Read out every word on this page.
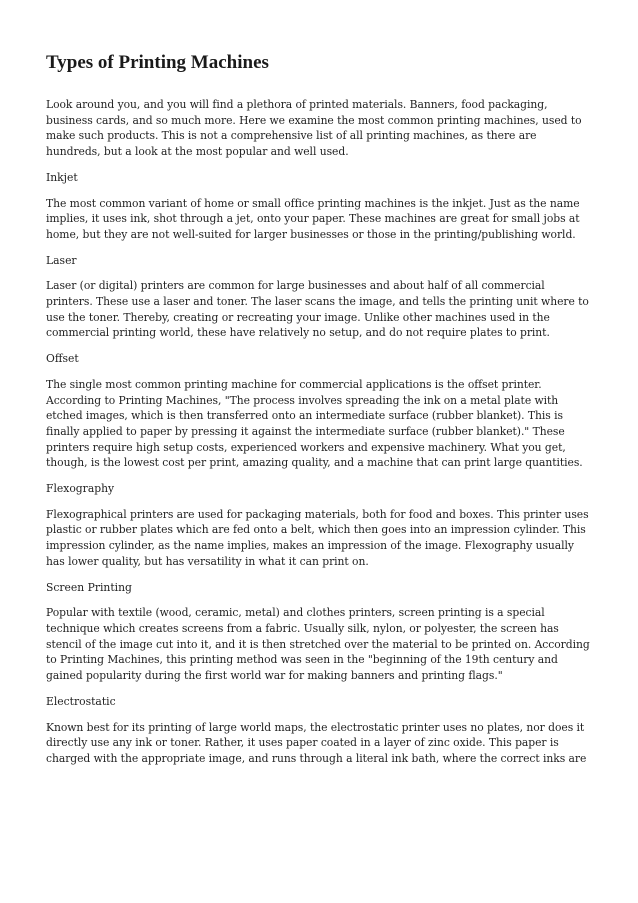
Types of Printing Machines

Look around you, and you will find a plethora of printed materials. Banners, food packaging, business cards, and so much more. Here we examine the most common printing machines, used to make such products. This is not a comprehensive list of all printing machines, as there are hundreds, but a look at the most popular and well used.

Inkjet

The most common variant of home or small office printing machines is the inkjet. Just as the name implies, it uses ink, shot through a jet, onto your paper. These machines are great for small jobs at home, but they are not well-suited for larger businesses or those in the printing/publishing world.

Laser

Laser (or digital) printers are common for large businesses and about half of all commercial printers. These use a laser and toner. The laser scans the image, and tells the printing unit where to use the toner. Thereby, creating or recreating your image. Unlike other machines used in the commercial printing world, these have relatively no setup, and do not require plates to print.

Offset

The single most common printing machine for commercial applications is the offset printer. According to Printing Machines, "The process involves spreading the ink on a metal plate with etched images, which is then transferred onto an intermediate surface (rubber blanket). This is finally applied to paper by pressing it against the intermediate surface (rubber blanket)." These printers require high setup costs, experienced workers and expensive machinery. What you get, though, is the lowest cost per print, amazing quality, and a machine that can print large quantities.

Flexography

Flexographical printers are used for packaging materials, both for food and boxes. This printer uses plastic or rubber plates which are fed onto a belt, which then goes into an impression cylinder. This impression cylinder, as the name implies, makes an impression of the image. Flexography usually has lower quality, but has versatility in what it can print on.

Screen Printing

Popular with textile (wood, ceramic, metal) and clothes printers, screen printing is a special technique which creates screens from a fabric. Usually silk, nylon, or polyester, the screen has stencil of the image cut into it, and it is then stretched over the material to be printed on. According to Printing Machines, this printing method was seen in the "beginning of the 19th century and gained popularity during the first world war for making banners and printing flags."

Electrostatic

Known best for its printing of large world maps, the electrostatic printer uses no plates, nor does it directly use any ink or toner. Rather, it uses paper coated in a layer of zinc oxide. This paper is charged with the appropriate image, and runs through a literal ink bath, where the correct inks are
